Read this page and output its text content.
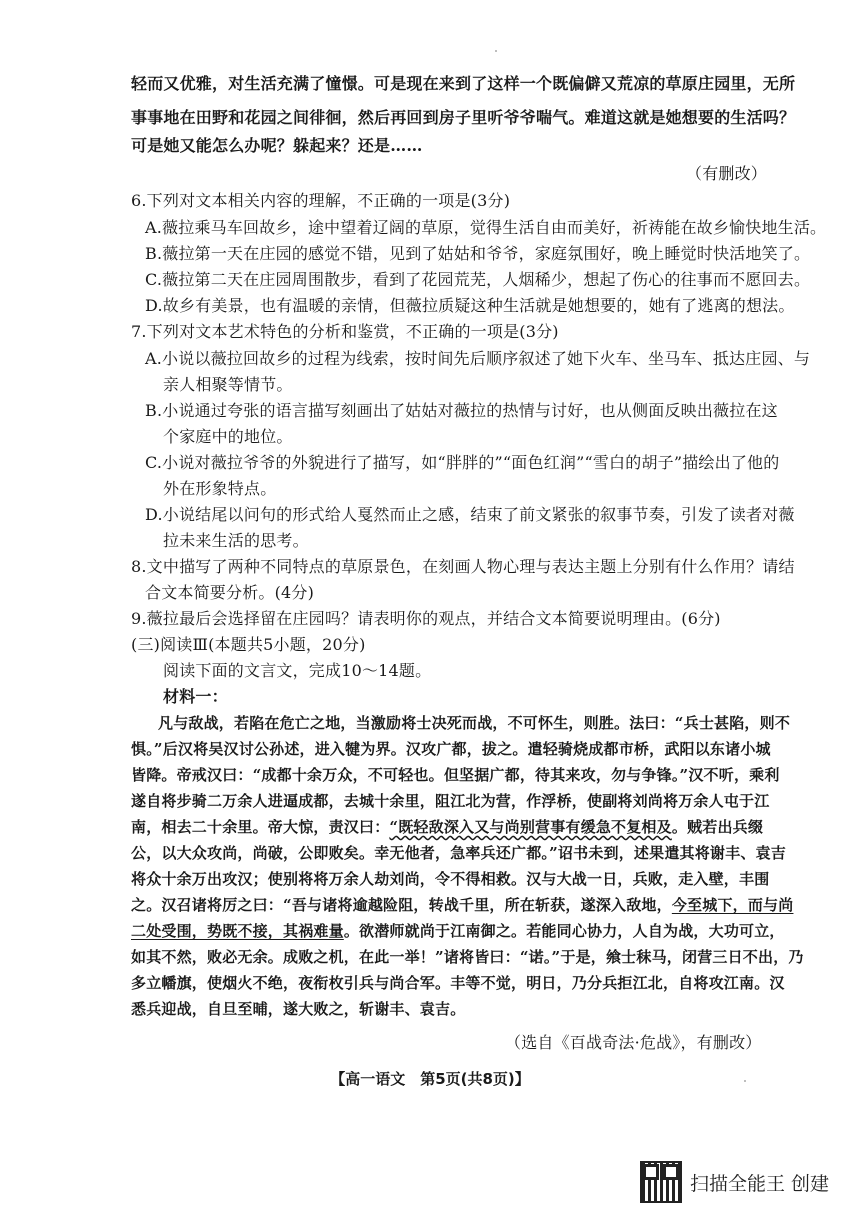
轻而又优雅，对生活充满了憧憬。可是现在来到了这样一个既偏僻又荒凉的草原庄园里，无所
事事地在田野和花园之间徘徊，然后再回到房子里听爷爷喘气。难道这就是她想要的生活吗？
可是她又能怎么办呢？躲起来？还是……
（有删改）
6.下列对文本相关内容的理解，不正确的一项是(3分)
A.薇拉乘马车回故乡，途中望着辽阔的草原，觉得生活自由而美好，祈祷能在故乡愉快地生活。
B.薇拉第一天在庄园的感觉不错，见到了姑姑和爷爷，家庭氛围好，晚上睡觉时快活地笑了。
C.薇拉第二天在庄园周围散步，看到了花园荒芜，人烟稀少，想起了伤心的往事而不愿回去。
D.故乡有美景，也有温暖的亲情，但薇拉质疑这种生活就是她想要的，她有了逃离的想法。
7.下列对文本艺术特色的分析和鉴赏，不正确的一项是(3分)
A.小说以薇拉回故乡的过程为线索，按时间先后顺序叙述了她下火车、坐马车、抵达庄园、与
亲人相聚等情节。
B.小说通过夸张的语言描写刻画出了姑姑对薇拉的热情与讨好，也从侧面反映出薇拉在这
个家庭中的地位。
C.小说对薇拉爷爷的外貌进行了描写，如“胖胖的”“面色红润”“雪白的胡子”描绘出了他的
外在形象特点。
D.小说结尾以问句的形式给人戛然而止之感，结束了前文紧张的叙事节奏，引发了读者对薇
拉未来生活的思考。
8.文中描写了两种不同特点的草原景色，在刻画人物心理与表达主题上分别有什么作用？请结
合文本简要分析。(4分)
9.薇拉最后会选择留在庄园吗？请表明你的观点，并结合文本简要说明理由。(6分)
(三)阅读Ⅲ(本题共5小题，20分)
阅读下面的文言文，完成10～14题。
材料一：
凡与敌战，若陷在危亡之地，当激励将士决死而战，不可怀生，则胜。法曰：“兵士甚陷，则不
惧。”后汉将吴汉讨公孙述，进入犍为界。汉攻广都，拔之。遣轻骑烧成都市桥，武阳以东诸小城
皆降。帝戒汉曰：“成都十余万众，不可轻也。但坚据广都，待其来攻，勿与争锋。”汉不听，乘利
遂自将步骑二万余人进逼成都，去城十余里，阻江北为营，作浮桥，使副将刘尚将万余人屯于江
南，相去二十余里。帝大惊，责汉曰：“既轻敌深入又与尚别营事有缓急不复相及。贼若出兵缀
公，以大众攻尚，尚破，公即败矣。幸无他者，急率兵还广都。”诏书未到，述果遣其将谢丰、袁吉
将众十余万出攻汉；使别将将万余人劫刘尚，令不得相救。汉与大战一日，兵败，走入壁，丰围
之。汉召诸将厉之曰：“吾与诸将逾越险阻，转战千里，所在斩获，遂深入敌地，今至城下，而与尚
二处受围，势既不接，其祸难量。欲潜师就尚于江南御之。若能同心协力，人自为战，大功可立，
如其不然，败必无余。成败之机，在此一举！”诸将皆曰：“诺。”于是，飨士秣马，闭营三日不出，乃
多立幡旗，使烟火不绝，夜衔枚引兵与尚合军。丰等不觉，明日，乃分兵拒江北，自将攻江南。汉
悉兵迎战，自旦至晡，遂大败之，斩谢丰、袁吉。
（选自《百战奇法·危战》，有删改）
【高一语文　第5页(共8页)】
扫描全能王 创建
